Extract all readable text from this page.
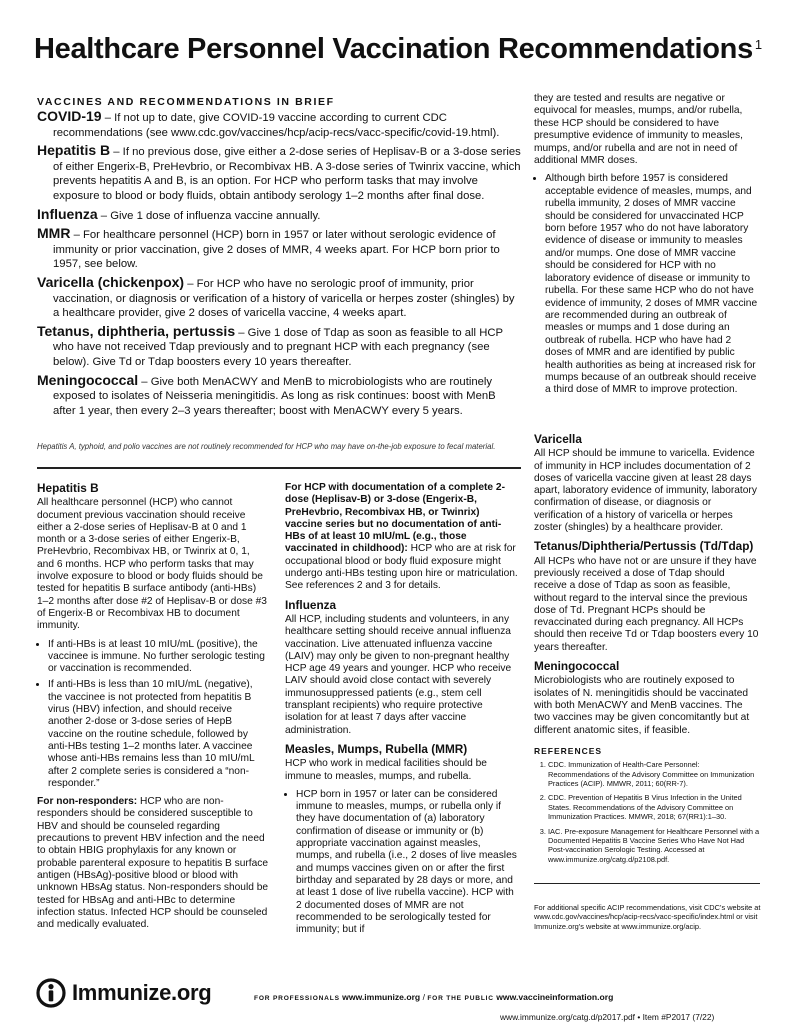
Healthcare Personnel Vaccination Recommendations $^1$
VACCINES AND RECOMMENDATIONS IN BRIEF
COVID-19 – If not up to date, give COVID-19 vaccine according to current CDC recommendations (see www.cdc.gov/vaccines/hcp/acip-recs/vacc-specific/covid-19.html).
Hepatitis B – If no previous dose, give either a 2-dose series of Heplisav-B or a 3-dose series of either Engerix-B, PreHevbrio, or Recombivax HB. A 3-dose series of Twinrix vaccine, which prevents hepatitis A and B, is an option. For HCP who perform tasks that may involve exposure to blood or body fluids, obtain antibody serology 1–2 months after final dose.
Influenza – Give 1 dose of influenza vaccine annually.
MMR – For healthcare personnel (HCP) born in 1957 or later without serologic evidence of immunity or prior vaccination, give 2 doses of MMR, 4 weeks apart. For HCP born prior to 1957, see below.
Varicella (chickenpox) – For HCP who have no serologic proof of immunity, prior vaccination, or diagnosis or verification of a history of varicella or herpes zoster (shingles) by a healthcare provider, give 2 doses of varicella vaccine, 4 weeks apart.
Tetanus, diphtheria, pertussis – Give 1 dose of Tdap as soon as feasible to all HCP who have not received Tdap previously and to pregnant HCP with each pregnancy (see below). Give Td or Tdap boosters every 10 years thereafter.
Meningococcal – Give both MenACWY and MenB to microbiologists who are routinely exposed to isolates of Neisseria meningitidis. As long as risk continues: boost with MenB after 1 year, then every 2–3 years thereafter; boost with MenACWY every 5 years.
Hepatitis A, typhoid, and polio vaccines are not routinely recommended for HCP who may have on-the-job exposure to fecal material.

they are tested and results are negative or equivocal for measles, mumps, and/or rubella, these HCP should be considered to have presumptive evidence of immunity to measles, mumps, and/or rubella and are not in need of additional MMR doses.

• Although birth before 1957 is considered acceptable evidence of measles, mumps, and rubella immunity, 2 doses of MMR vaccine should be considered for unvaccinated HCP born before 1957 who do not have laboratory evidence of disease or immunity to measles and/or mumps. One dose of MMR vaccine should be considered for HCP with no laboratory evidence of disease or immunity to rubella. For these same HCP who do not have evidence of immunity, 2 doses of MMR vaccine are recommended during an outbreak of measles or mumps and 1 dose during an outbreak of rubella. HCP who have had 2 doses of MMR and are identified by public health authorities as being at increased risk for mumps because of an outbreak should receive a third dose of MMR to improve protection.
Hepatitis B

All healthcare personnel (HCP) who cannot document previous vaccination should receive either a 2-dose series of Heplisav-B at 0 and 1 month or a 3-dose series of either Engerix-B, PreHevbrio, Recombivax HB, or Twinrix at 0, 1, and 6 months. HCP who perform tasks that may involve exposure to blood or body fluids should be tested for hepatitis B surface antibody (anti-HBs) 1–2 months after dose #2 of Heplisav-B or dose #3 of Engerix-B or Recombivax HB to document immunity.

• If anti-HBs is at least 10 mIU/mL (positive), the vaccinee is immune. No further serologic testing or vaccination is recommended.
• If anti-HBs is less than 10 mIU/mL (negative), the vaccinee is not protected from hepatitis B virus (HBV) infection, and should receive another 2-dose or 3-dose series of HepB vaccine on the routine schedule, followed by anti-HBs testing 1–2 months later. A vaccinee whose anti-HBs remains less than 10 mIU/mL after 2 complete series is considered a “non-responder.”

For non-responders: HCP who are non-responders should be considered susceptible to HBV and should be counseled regarding precautions to prevent HBV infection and the need to obtain HBIG prophylaxis for any known or probable parenteral exposure to hepatitis B surface antigen (HBsAg)-positive blood or blood with unknown HBsAg status. Non-responders should be tested for HBsAg and anti-HBc to determine infection status. Infected HCP should be counseled and medically evaluated.

For HCP with documentation of a complete 2-dose (Heplisav-B) or 3-dose (Engerix-B, PreHevbrio, Recombivax HB, or Twinrix) vaccine series but no documentation of anti-HBs of at least 10 mIU/mL (e.g., those vaccinated in childhood): HCP who are at risk for occupational blood or body fluid exposure might undergo anti-HBs testing upon hire or matriculation. See references 2 and 3 for details.

Influenza

All HCP, including students and volunteers, in any healthcare setting should receive annual influenza vaccination. Live attenuated influenza vaccine (LAIV) may only be given to non-pregnant healthy HCP age 49 years and younger. HCP who receive LAIV should avoid close contact with severely immunosuppressed patients (e.g., stem cell transplant recipients) who require protective isolation for at least 7 days after vaccine administration.

Measles, Mumps, Rubella (MMR)

HCP who work in medical facilities should be immune to measles, mumps, and rubella.

• HCP born in 1957 or later can be considered immune to measles, mumps, or rubella only if they have documentation of (a) laboratory confirmation of disease or immunity or (b) appropriate vaccination against measles, mumps, and rubella (i.e., 2 doses of live measles and mumps vaccines given on or after the first birthday and separated by 28 days or more, and at least 1 dose of live rubella vaccine). HCP with 2 documented doses of MMR are not recommended to be serologically tested for immunity; but if
Varicella

All HCP should be immune to varicella. Evidence of immunity in HCP includes documentation of 2 doses of varicella vaccine given at least 28 days apart, laboratory evidence of immunity, laboratory confirmation of disease, or diagnosis or verification of a history of varicella or herpes zoster (shingles) by a healthcare provider.

Tetanus/Diphtheria/Pertussis (Td/Tdap)

All HCPs who have not or are unsure if they have previously received a dose of Tdap should receive a dose of Tdap as soon as feasible, without regard to the interval since the previous dose of Td. Pregnant HCPs should be revaccinated during each pregnancy. All HCPs should then receive Td or Tdap boosters every 10 years thereafter.

Meningococcal

Microbiologists who are routinely exposed to isolates of N. meningitidis should be vaccinated with both MenACWY and MenB vaccines. The two vaccines may be given concomitantly but at different anatomic sites, if feasible.

REFERENCES
1. CDC. Immunization of Health-Care Personnel: Recommendations of the Advisory Committee on Immunization Practices (ACIP). MMWR, 2011; 60(RR-7).
2. CDC. Prevention of Hepatitis B Virus Infection in the United States. Recommendations of the Advisory Committee on Immunization Practices. MMWR, 2018; 67(RR1):1–30.
3. IAC. Pre-exposure Management for Healthcare Personnel with a Documented Hepatitis B Vaccine Series Who Have Not Had Post-vaccination Serologic Testing. Accessed at www.immunize.org/catg.d/p2108.pdf.
For additional specific ACIP recommendations, visit CDC’s website at www.cdc.gov/vaccines/hcp/acip-recs/vacc-specific/index.html or visit Immunize.org’s website at www.immunize.org/acip.
Immunize.org	FOR PROFESSIONALS www.immunize.org / FOR THE PUBLIC www.vaccineinformation.org
www.immunize.org/catg.d/p2017.pdf • Item #P2017 (7/22)
